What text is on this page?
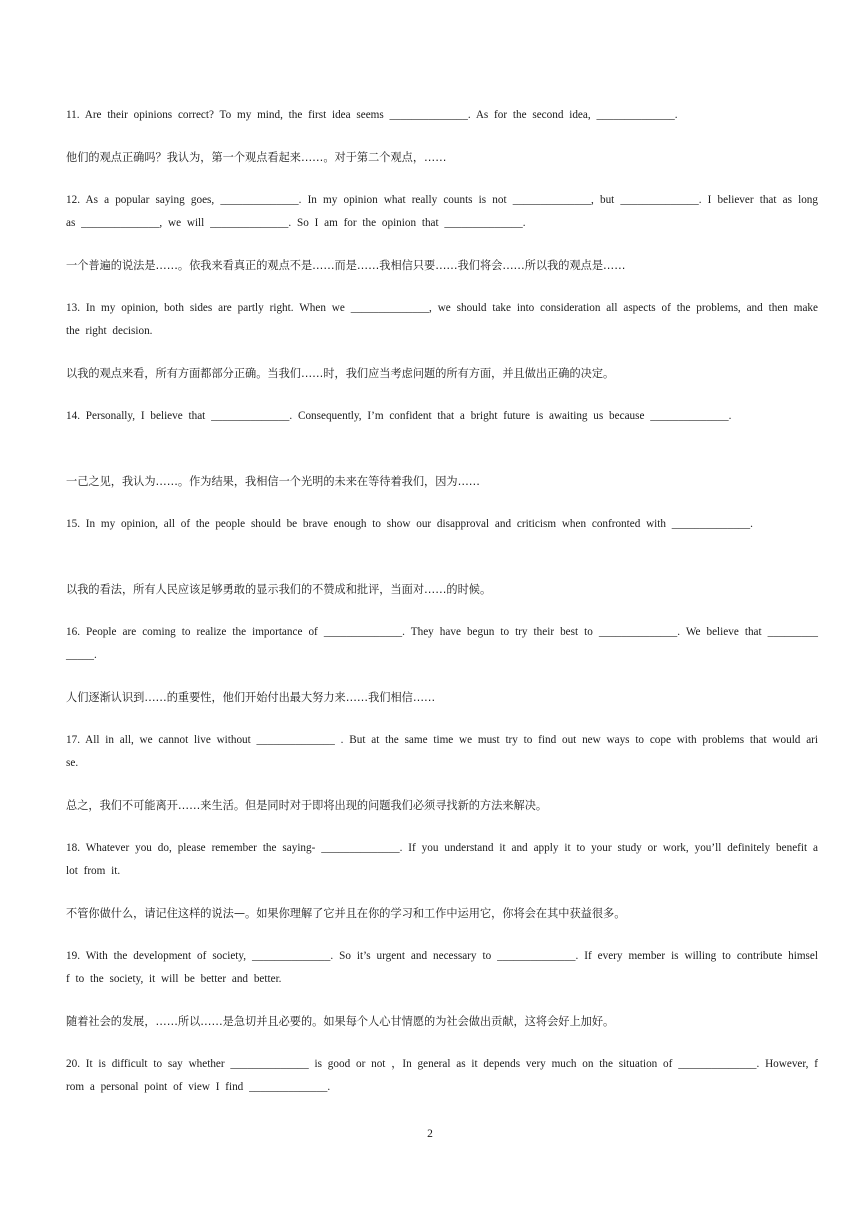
11. Are their opinions correct? To my mind, the first idea seems ______________. As for the second idea, ______________.

他们的观点正确吗？我认为，第一个观点看起来……。对于第二个观点，……

12. As a popular saying goes, ______________. In my opinion what really counts is not ______________, but ______________. I believer that as long as ______________, we will ______________. So I am for the opinion that ______________.

一个普遍的说法是……。依我来看真正的观点不是……而是……我相信只要……我们将会……所以我的观点是……

13. In my opinion, both sides are partly right. When we ______________, we should take into consideration all aspects of the problems, and then make the right decision.

以我的观点来看，所有方面都部分正确。当我们……时，我们应当考虑问题的所有方面，并且做出正确的决定。

14. Personally, I believe that ______________. Consequently, I’m confident that a bright future is awaiting us because ______________.

一己之见，我认为……。作为结果，我相信一个光明的未来在等待着我们，因为……

15. In my opinion, all of the people should be brave enough to show our disapproval and criticism when confronted with ______________.

以我的看法，所有人民应该足够勇敢的显示我们的不赞成和批评，当面对……的时候。

16. People are coming to realize the importance of ______________. They have begun to try their best to ______________. We believe that ______________.

人们逐渐认识到……的重要性，他们开始付出最大努力来……我们相信……

17. All in all, we cannot live without ______________ . But at the same time we must try to find out new ways to cope with problems that would arise.

总之，我们不可能离开……来生活。但是同时对于即将出现的问题我们必须寻找新的方法来解决。

18. Whatever you do, please remember the saying- ______________. If you understand it and apply it to your study or work, you’ll definitely benefit a lot from it.

不管你做什么，请记住这样的说法—。如果你理解了它并且在你的学习和工作中运用它，你将会在其中获益很多。

19. With the development of society, ______________. So it’s urgent and necessary to ______________. If every member is willing to contribute himself to the society, it will be better and better.

随着社会的发展，……所以……是急切并且必要的。如果每个人心甘情愿的为社会做出贡献，这将会好上加好。

20. It is difficult to say whether ______________ is good or not ，In general as it depends very much on the situation of ______________. However, from a personal point of view I find ______________.

2
